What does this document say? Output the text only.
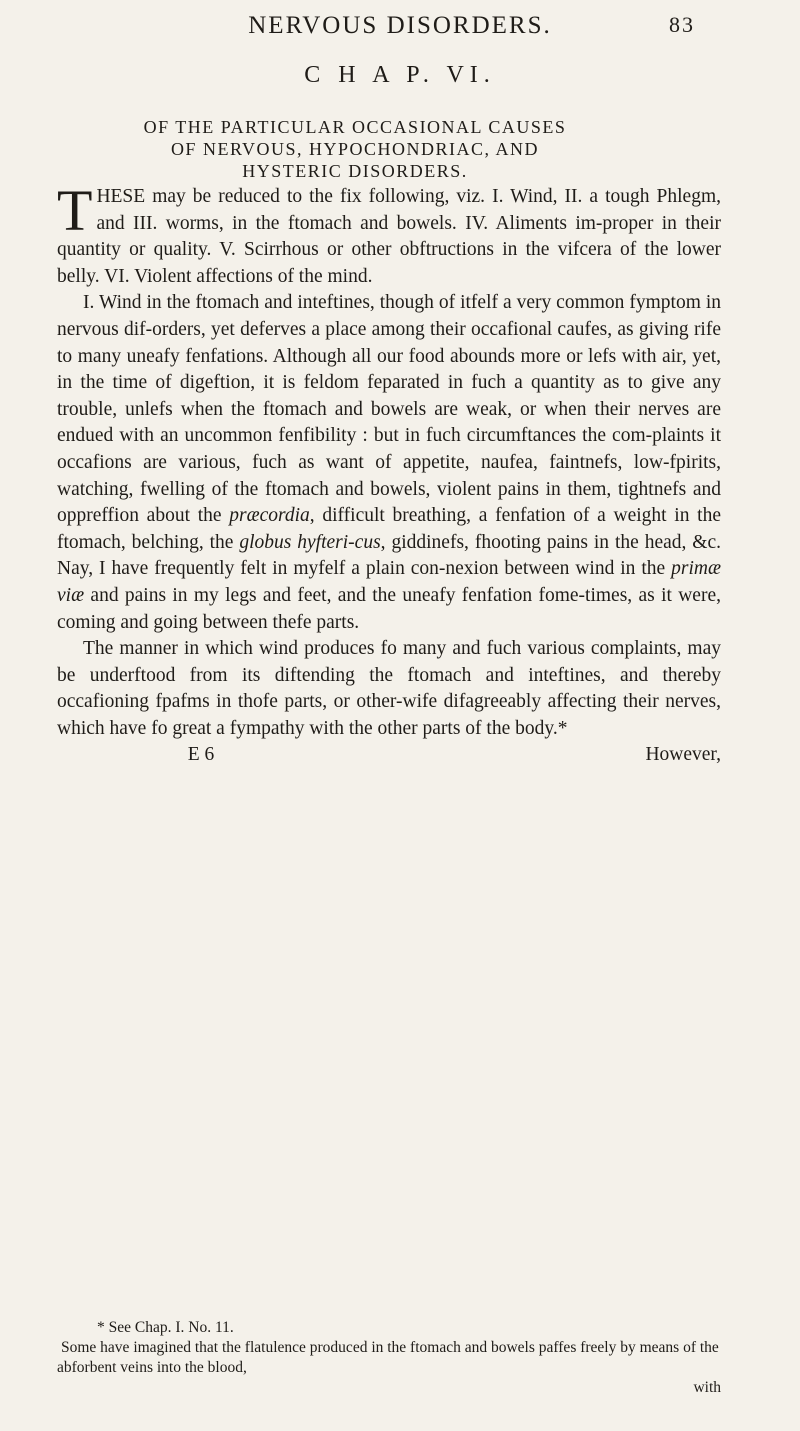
NERVOUS DISORDERS.	83
C H A P. VI.
OF THE PARTICULAR OCCASIONAL CAUSES
OF NERVOUS, HYPOCHONDRIAC, AND
HYSTERIC DISORDERS.

THESE may be reduced to the fix following, viz. I. Wind, II. a tough Phlegm, and III. worms, in the ftomach and bowels. IV. Aliments im-proper in their quantity or quality. V. Scirrhous or other obftructions in the vifcera of the lower belly. VI. Violent affections of the mind.

I. Wind in the ftomach and inteftines, though of itfelf a very common fymptom in nervous dif-orders, yet deferves a place among their occafional caufes, as giving rife to many uneafy fenfations. Although all our food abounds more or lefs with air, yet, in the time of digeftion, it is feldom feparated in fuch a quantity as to give any trouble, unlefs when the ftomach and bowels are weak, or when their nerves are endued with an uncommon fenfibility : but in fuch circumftances the com-plaints it occafions are various, fuch as want of appetite, naufea, faintnefs, low-fpirits, watching, fwelling of the ftomach and bowels, violent pains in them, tightnefs and oppreffion about the præcordia, difficult breathing, a fenfation of a weight in the ftomach, belching, the globus hyfteri-cus, giddinefs, fhooting pains in the head, &c. Nay, I have frequently felt in myfelf a plain con-nexion between wind in the primæ viæ and pains in my legs and feet, and the uneafy fenfation fome-times, as it were, coming and going between thefe parts.

The manner in which wind produces fo many and fuch various complaints, may be underftood from its diftending the ftomach and inteftines, and thereby occafioning fpafms in thofe parts, or other-wife difagreeably affecting their nerves, which have fo great a fympathy with the other parts of the body.*

E 6	However,

* See Chap. I. No. 11.
Some have imagined that the flatulence produced in the ftomach and bowels paffes freely by means of the abforbent veins into the blood,
with
